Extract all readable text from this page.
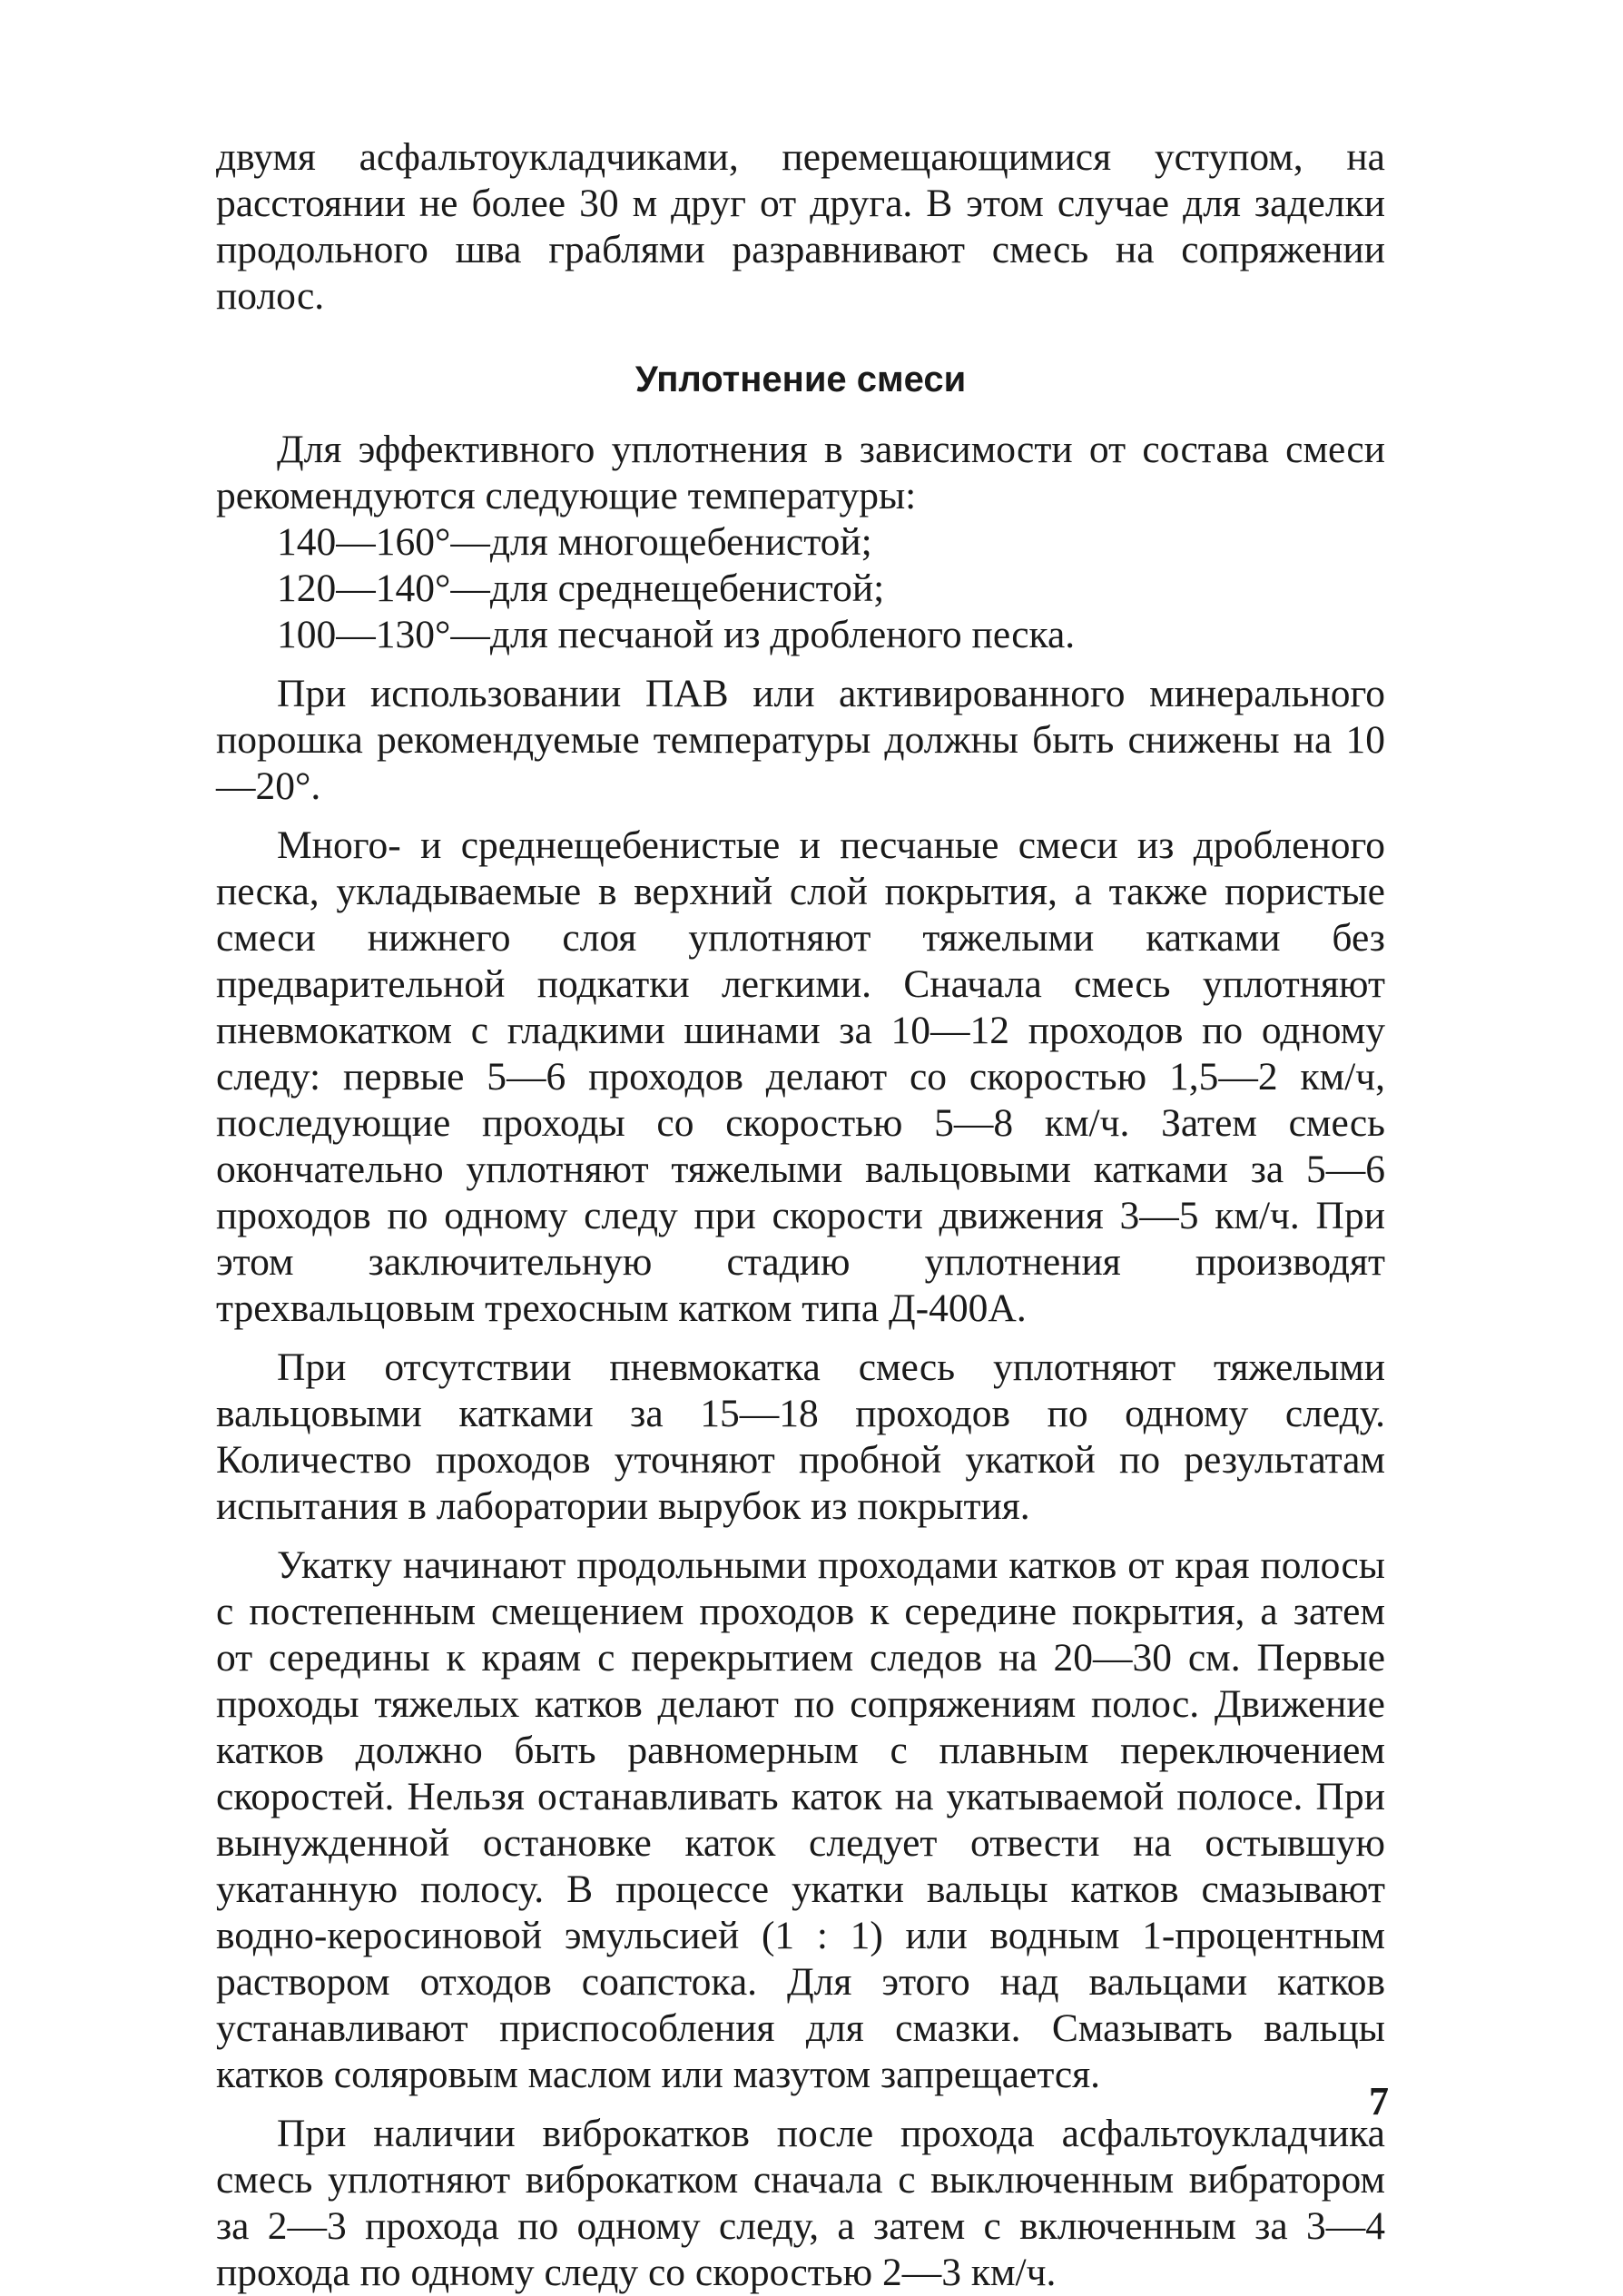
двумя асфальтоукладчиками, перемещающимися уступом, на расстоянии не более 30 м друг от друга. В этом случае для заделки продольного шва граблями разравнивают смесь на сопряжении полос.

Уплотнение смеси

Для эффективного уплотнения в зависимости от состава смеси рекомендуются следующие температуры:

140—160°—для многощебенистой;
120—140°—для среднещебенистой;
100—130°—для песчаной из дробленого песка.

При использовании ПАВ или активированного минерального порошка рекомендуемые температуры должны быть снижены на 10—20°.

Много- и среднещебенистые и песчаные смеси из дробленого песка, укладываемые в верхний слой покрытия, а также пористые смеси нижнего слоя уплотняют тяжелыми катками без предварительной подкатки легкими. Сначала смесь уплотняют пневмокатком с гладкими шинами за 10—12 проходов по одному следу: первые 5—6 проходов делают со скоростью 1,5—2 км/ч, последующие проходы со скоростью 5—8 км/ч. Затем смесь окончательно уплотняют тяжелыми вальцовыми катками за 5—6 проходов по одному следу при скорости движения 3—5 км/ч. При этом заключительную стадию уплотнения производят трехвальцовым трехосным катком типа Д-400А.

При отсутствии пневмокатка смесь уплотняют тяжелыми вальцовыми катками за 15—18 проходов по одному следу. Количество проходов уточняют пробной укаткой по результатам испытания в лаборатории вырубок из покрытия.

Укатку начинают продольными проходами катков от края полосы с постепенным смещением проходов к середине покрытия, а затем от середины к краям с перекрытием следов на 20—30 см. Первые проходы тяжелых катков делают по сопряжениям полос. Движение катков должно быть равномерным с плавным переключением скоростей. Нельзя останавливать каток на укатываемой полосе. При вынужденной остановке каток следует отвести на остывшую укатанную полосу. В процессе укатки вальцы катков смазывают водно-керосиновой эмульсией (1 : 1) или водным 1-процентным раствором отходов соапстока. Для этого над вальцами катков устанавливают приспособления для смазки. Смазывать вальцы катков соляровым маслом или мазутом запрещается.

При наличии виброкатков после прохода асфальтоукладчика смесь уплотняют виброкатком сначала с выключенным вибратором за 2—3 прохода по одному следу, а затем с включенным за 3—4 прохода по одному следу со скоростью 2—3 км/ч.

7
